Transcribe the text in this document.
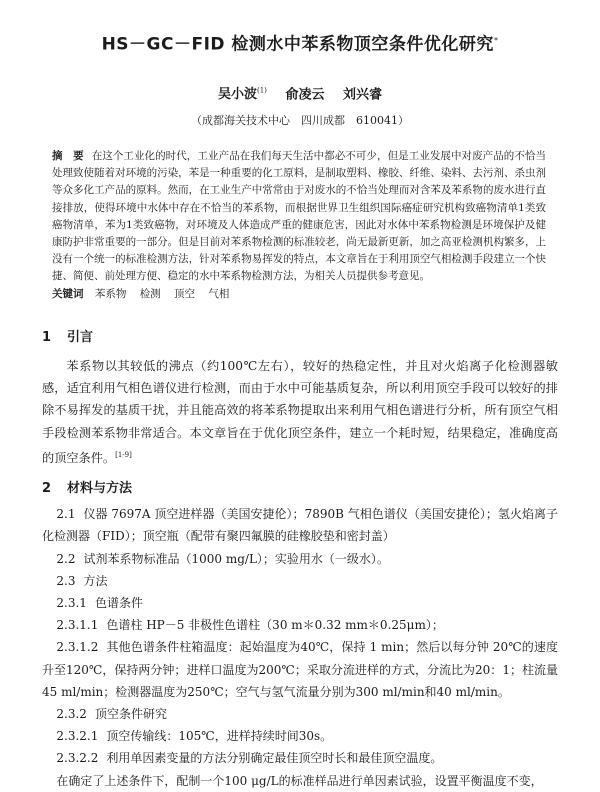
HS－GC－FID 检测水中苯系物顶空条件优化研究*
吴小波$^{(1)}$ 俞凌云 刘兴睿
（成都海关技术中心　四川成都　610041）
摘　要 在这个工业化的时代，工业产品在我们每天生活中都必不可少，但是工业发展中对废产品的不恰当处理致使随着对环境的污染，苯是一种重要的化工原料，是制取塑料、橡胶、纤维、染料、去污剂、杀虫剂等众多化工产品的原料。然而，在工业生产中常常由于对废水的不恰当处理而对含苯及苯系物的废水进行直接排放，使得环境中水体中存在不恰当的苯系物，而根据世界卫生组织国际癌症研究机构致癌物清单1类致癌物清单，苯为1类致癌物，对环境及人体造成严重的健康危害，因此对水体中苯系物检测是环境保护及健康防护非常重要的一部分。但是目前对苯系物检测的标准较老，尚无最新更新，加之高亚检测机构繁多，上没有一个统一的标准检测方法，针对苯系物易挥发的特点，本文章旨在于利用顶空气相检测手段建立一个快捷、简便、前处理方便、稳定的水中苯系物检测方法，为相关人员提供参考意见。
关键词 苯系物 检测 顶空 气相
1 引言

苯系物以其较低的沸点（约100℃左右），较好的热稳定性，并且对火焰离子化检测器敏感，适宜利用气相色谱仪进行检测，而由于水中可能基质复杂，所以利用顶空手段可以较好的排除不易挥发的基质干扰，并且能高效的将苯系物提取出来利用气相色谱进行分析，所有顶空气相手段检测苯系物非常适合。本文章旨在于优化顶空条件，建立一个耗时短，结果稳定，准确度高的顶空条件。[1-9]

2 材料与方法

2.1 仪器 7697A 顶空进样器（美国安捷伦）；7890B 气相色谱仪（美国安捷伦）；氢火焰离子化检测器（FID）；顶空瓶（配带有聚四氟膜的硅橡胶垫和密封盖）

2.2 试剂苯系物标准品（1000 mg/L）；实验用水（一级水）。

2.3 方法

2.3.1 色谱条件

2.3.1.1 色谱柱 HP－5 非极性色谱柱（30 m＊0.32 mm＊0.25μm）；

2.3.1.2 其他色谱条件柱箱温度：起始温度为40℃，保持 1 min；然后以每分钟 20℃的速度升至120℃，保持两分钟；进样口温度为200℃；采取分流进样的方式，分流比为20：1；柱流量45 ml/min；检测器温度为250℃；空气与氢气流量分别为300 ml/min和40 ml/min。

2.3.2 顶空条件研究

2.3.2.1 顶空传输线：105℃，进样持续时间30s。

2.3.2.2 利用单因素变量的方法分别确定最佳顶空时长和最佳顶空温度。

在确定了上述条件下，配制一个100 μg/L的标准样品进行单因素试验，设置平衡温度不变，
